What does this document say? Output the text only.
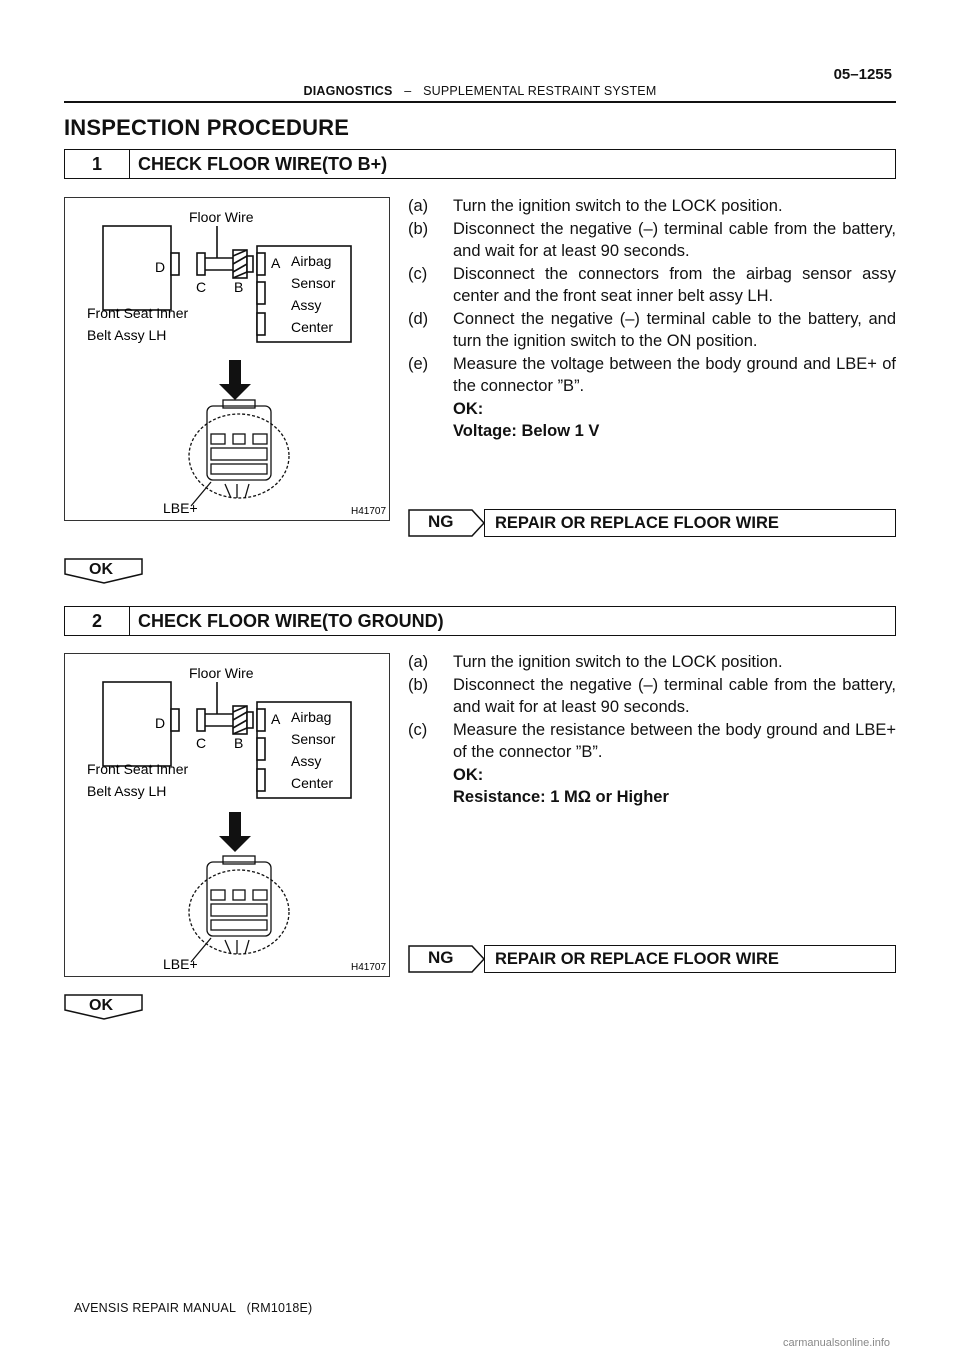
05–1255
DIAGNOSTICS – SUPPLEMENTAL RESTRAINT SYSTEM
INSPECTION PROCEDURE
1	CHECK FLOOR WIRE(TO B+)
Floor Wire
D	A
C B
Airbag
Sensor
Assy
Center
Front Seat Inner
Belt Assy LH
LBE+	H41707
(a)	Turn the ignition switch to the LOCK position.
(b)	Disconnect the negative (–) terminal cable from the battery, and wait for at least 90 seconds.
(c)	Disconnect the connectors from the airbag sensor assy center and the front seat inner belt assy LH.
(d)	Connect the negative (–) terminal cable to the battery, and turn the ignition switch to the ON position.
(e)	Measure the voltage between the body ground and LBE+ of the connector ”B”.
OK:
Voltage: Below 1 V
NG	REPAIR OR REPLACE FLOOR WIRE
OK
2	CHECK FLOOR WIRE(TO GROUND)
Floor Wire
D	A
C B
Airbag
Sensor
Assy
Center
Front Seat Inner
Belt Assy LH
LBE+	H41707
(a)	Turn the ignition switch to the LOCK position.
(b)	Disconnect the negative (–) terminal cable from the battery, and wait for at least 90 seconds.
(c)	Measure the resistance between the body ground and LBE+ of the connector ”B”.
OK:
Resistance: 1 MΩ or Higher
NG	REPAIR OR REPLACE FLOOR WIRE
OK
AVENSIS REPAIR MANUAL   (RM1018E)
carmanualsonline.info
